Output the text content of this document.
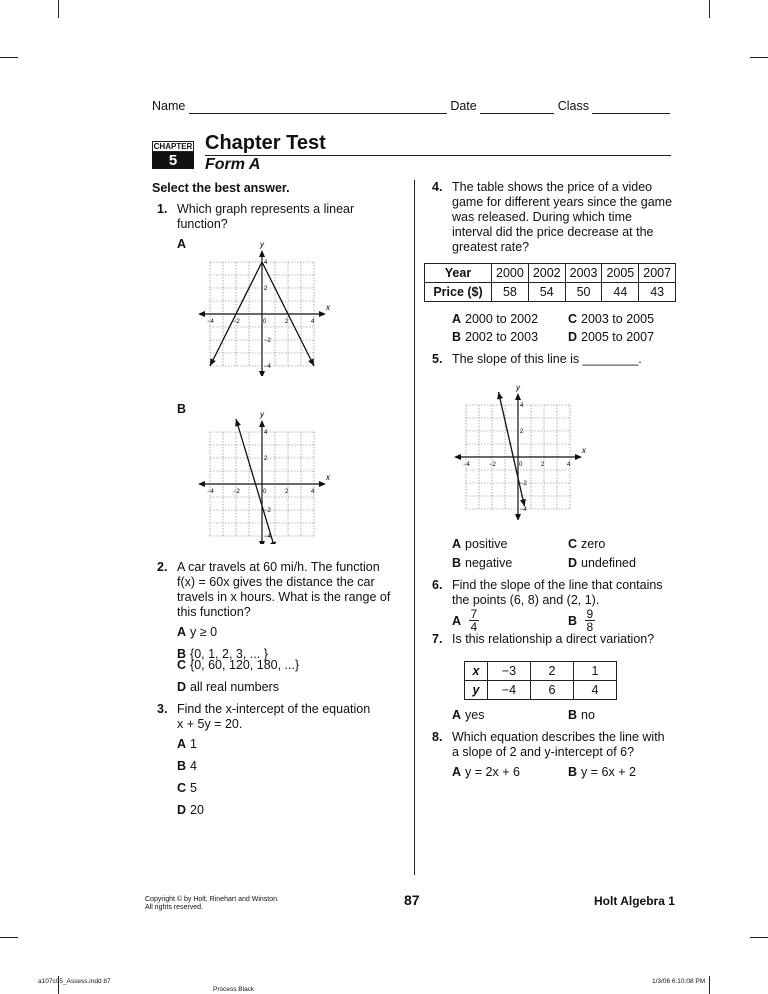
Name	Date	Class
CHAPTER
5
Chapter Test
Form A
Select the best answer.
1. Which graph represents a linear function?
A
B
x
y
−4
−4
−2
−2
0	2
2
4
4
x
y
−4
−4
−2
−2
0	2
2
4
4
2. A car travels at 60 mi/h. The function f(x) = 60x gives the distance the car travels in x hours. What is the range of this function?
A y ≥ 0
B {0, 1, 2, 3, ... }
C {0, 60, 120, 180, ...}
D all real numbers
3. Find the x-intercept of the equation x + 5y = 20.
A 1
B 4
C 5
D 20
4. The table shows the price of a video game for different years since the game was released. During which time interval did the price decrease at the greatest rate?
Year	2000	2002	2003	2005	2007
Price ($)	58	54	50	44	43
A 2000 to 2002 C 2003 to 2005
B 2002 to 2003 D 2005 to 2007
5. The slope of this line is ________.
x
y
−4
−4
−2
−2
0	2
2
4
4
A positive	C zero
B negative	D undefined
6. Find the slope of the line that contains the points (6, 8) and (2, 1).
A $\frac{7}{4}$	B $\frac{9}{8}$
7. Is this relationship a direct variation?
x	−3	2	1
y	−4	6	4
A yes	B no
8. Which equation describes the line with a slope of 2 and y-intercept of 6?
A y = 2x + 6	B y = 6x + 2
Copyright © by Holt, Rinehart and Winston.
All rights reserved.	87	Holt Algebra 1
a107c05_Assess.indd 87
Process Black
1/3/06 6:10:08 PM
